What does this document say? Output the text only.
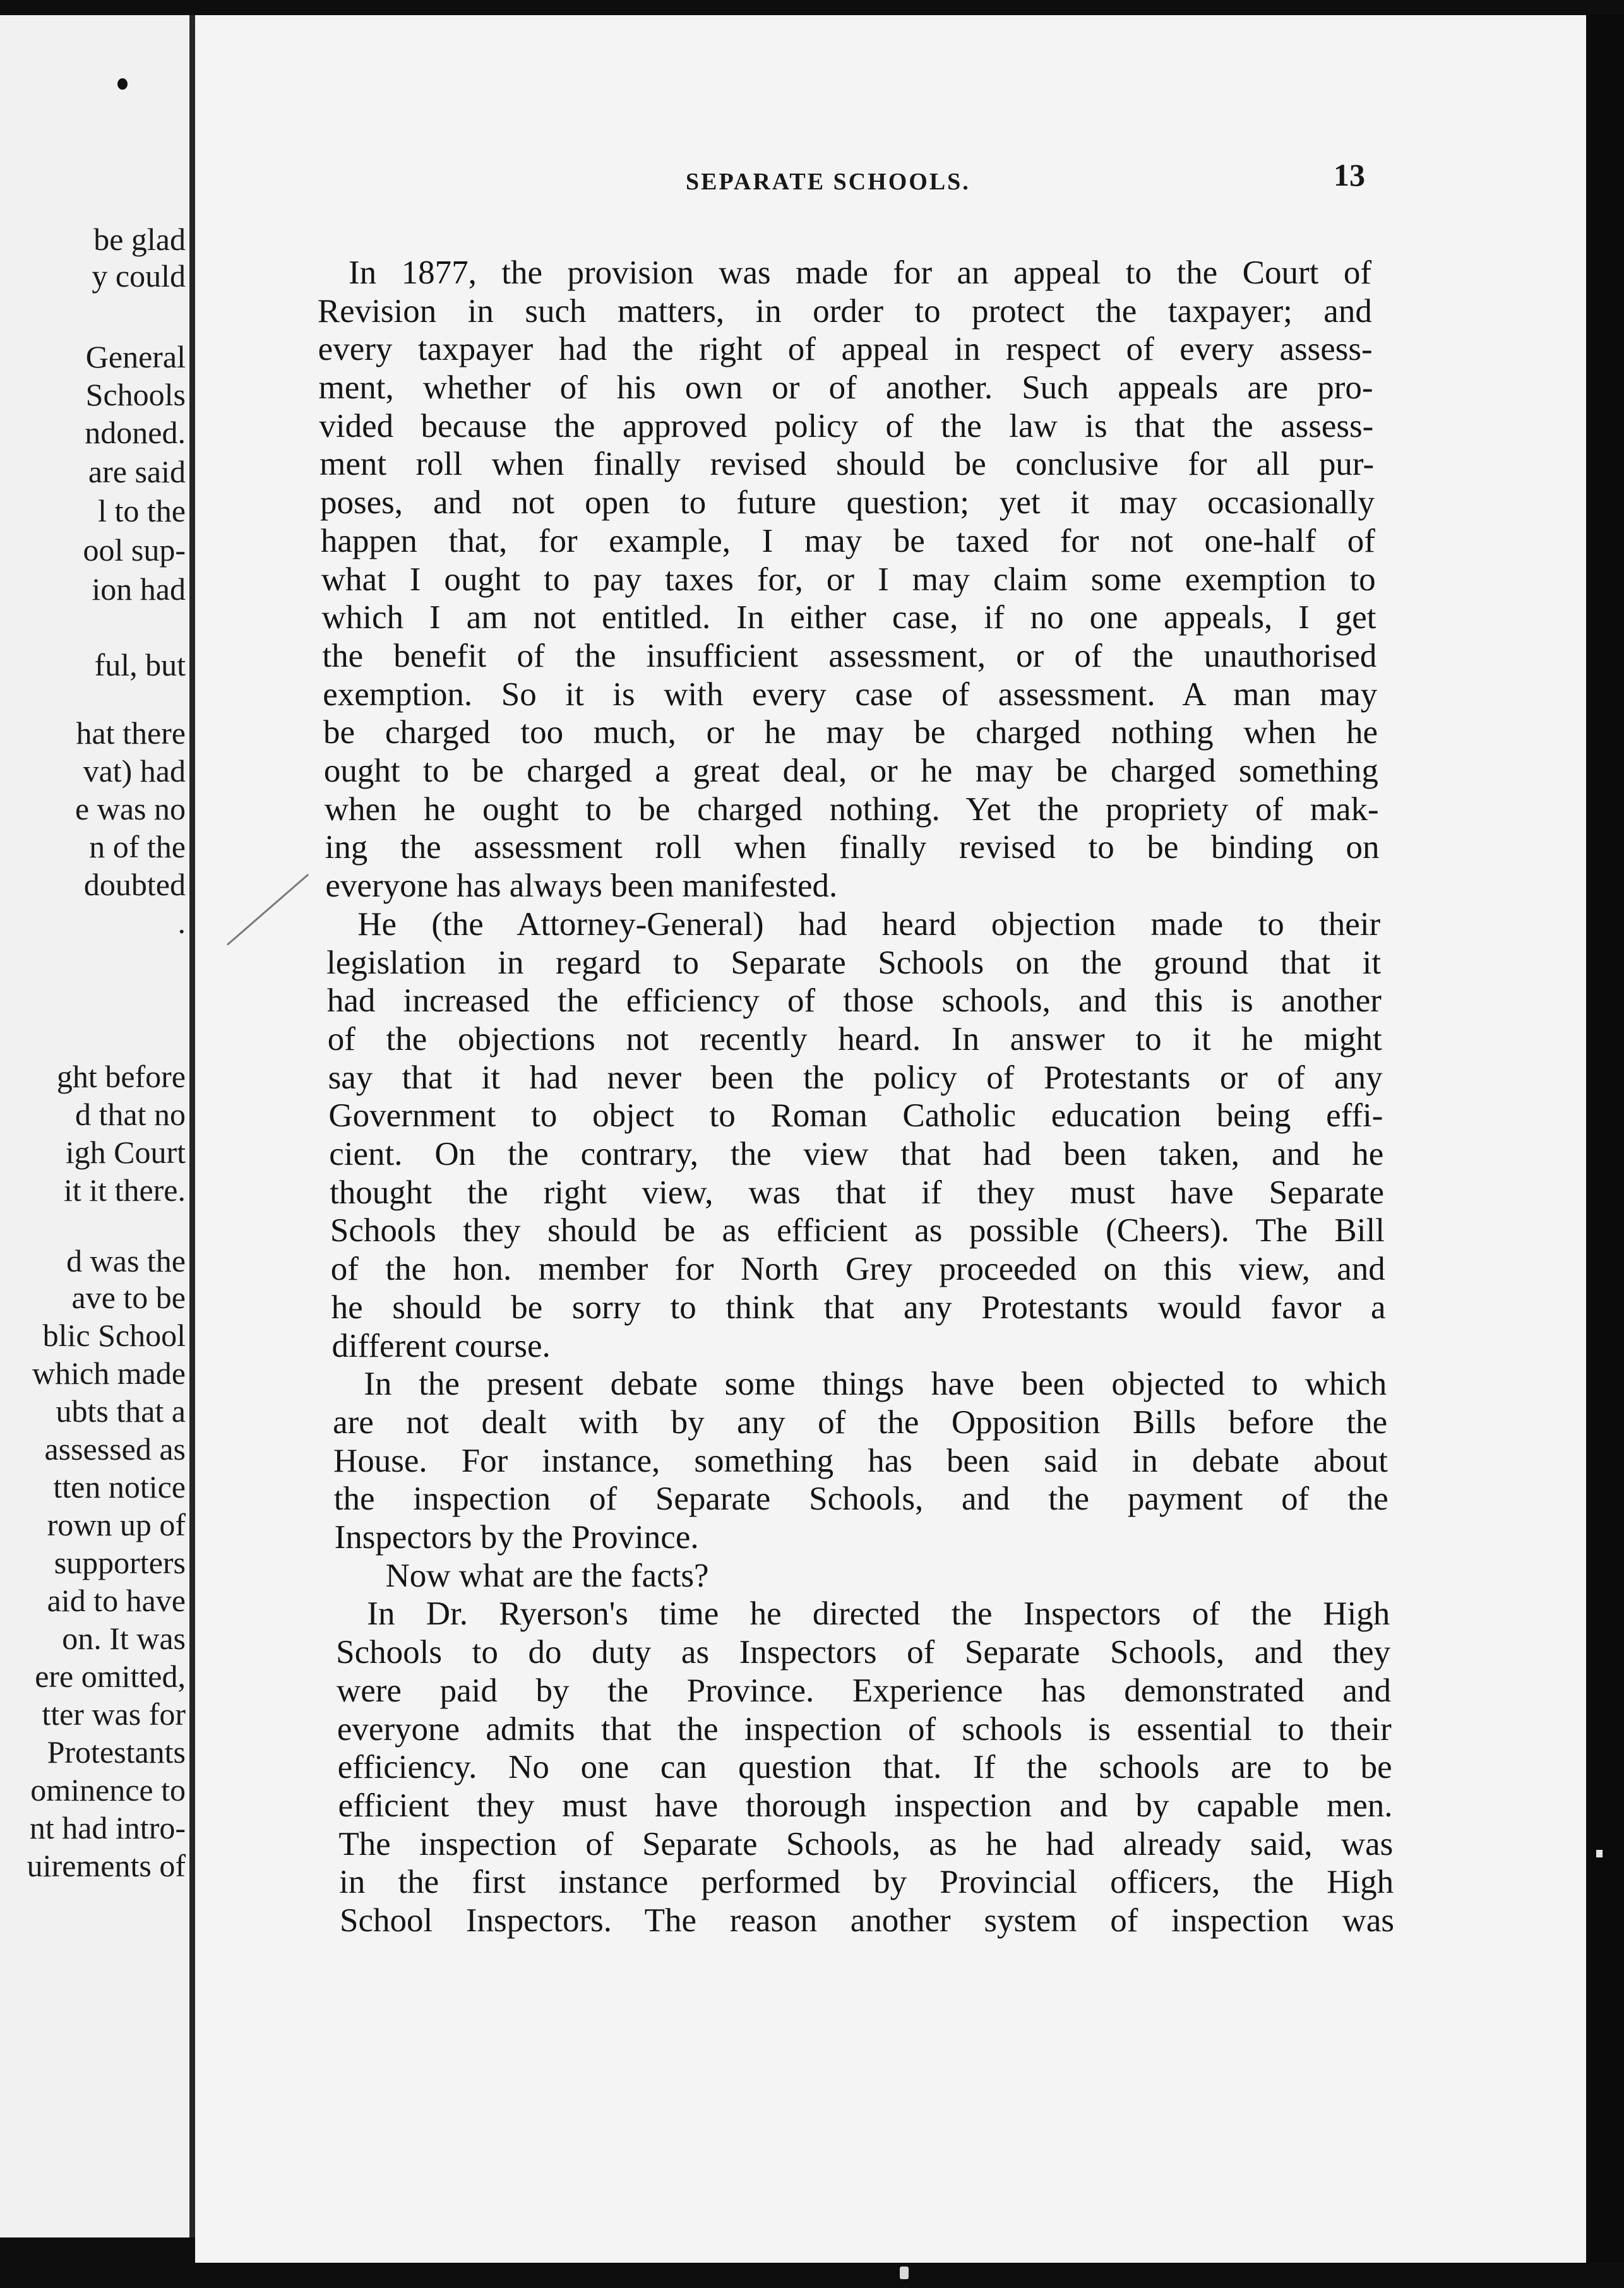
be glad
y could
General
Schools
ndoned.
are said
l to the
ool sup-
ion had
ful, but
hat there
vat) had
e was no
n of the
doubted
.
ght before
d that no
igh Court
it it there.
d was the
ave to be
blic School
which made
ubts that a
assessed as
tten notice
rown up of
supporters
aid to have
on. It was
ere omitted,
tter was for
Protestants
ominence to
nt had intro-
uirements of
SEPARATE SCHOOLS.	13
In 1877, the provision was made for an appeal to the Court of
Revision in such matters, in order to protect the taxpayer; and
every taxpayer had the right of appeal in respect of every assess-
ment, whether of his own or of another. Such appeals are pro-
vided because the approved policy of the law is that the assess-
ment roll when finally revised should be conclusive for all pur-
poses, and not open to future question; yet it may occasionally
happen that, for example, I may be taxed for not one-half of
what I ought to pay taxes for, or I may claim some exemption to
which I am not entitled. In either case, if no one appeals, I get
the benefit of the insufficient assessment, or of the unauthorised
exemption. So it is with every case of assessment. A man may
be charged too much, or he may be charged nothing when he
ought to be charged a great deal, or he may be charged something
when he ought to be charged nothing. Yet the propriety of mak-
ing the assessment roll when finally revised to be binding on
everyone has always been manifested.
He (the Attorney-General) had heard objection made to their
legislation in regard to Separate Schools on the ground that it
had increased the efficiency of those schools, and this is another
of the objections not recently heard. In answer to it he might
say that it had never been the policy of Protestants or of any
Government to object to Roman Catholic education being effi-
cient. On the contrary, the view that had been taken, and he
thought the right view, was that if they must have Separate
Schools they should be as efficient as possible (Cheers). The Bill
of the hon. member for North Grey proceeded on this view, and
he should be sorry to think that any Protestants would favor a
different course.
In the present debate some things have been objected to which
are not dealt with by any of the Opposition Bills before the
House. For instance, something has been said in debate about
the inspection of Separate Schools, and the payment of the
Inspectors by the Province.
Now what are the facts?
In Dr. Ryerson's time he directed the Inspectors of the High
Schools to do duty as Inspectors of Separate Schools, and they
were paid by the Province. Experience has demonstrated and
everyone admits that the inspection of schools is essential to their
efficiency. No one can question that. If the schools are to be
efficient they must have thorough inspection and by capable men.
The inspection of Separate Schools, as he had already said, was
in the first instance performed by Provincial officers, the High
School Inspectors. The reason another system of inspection was
